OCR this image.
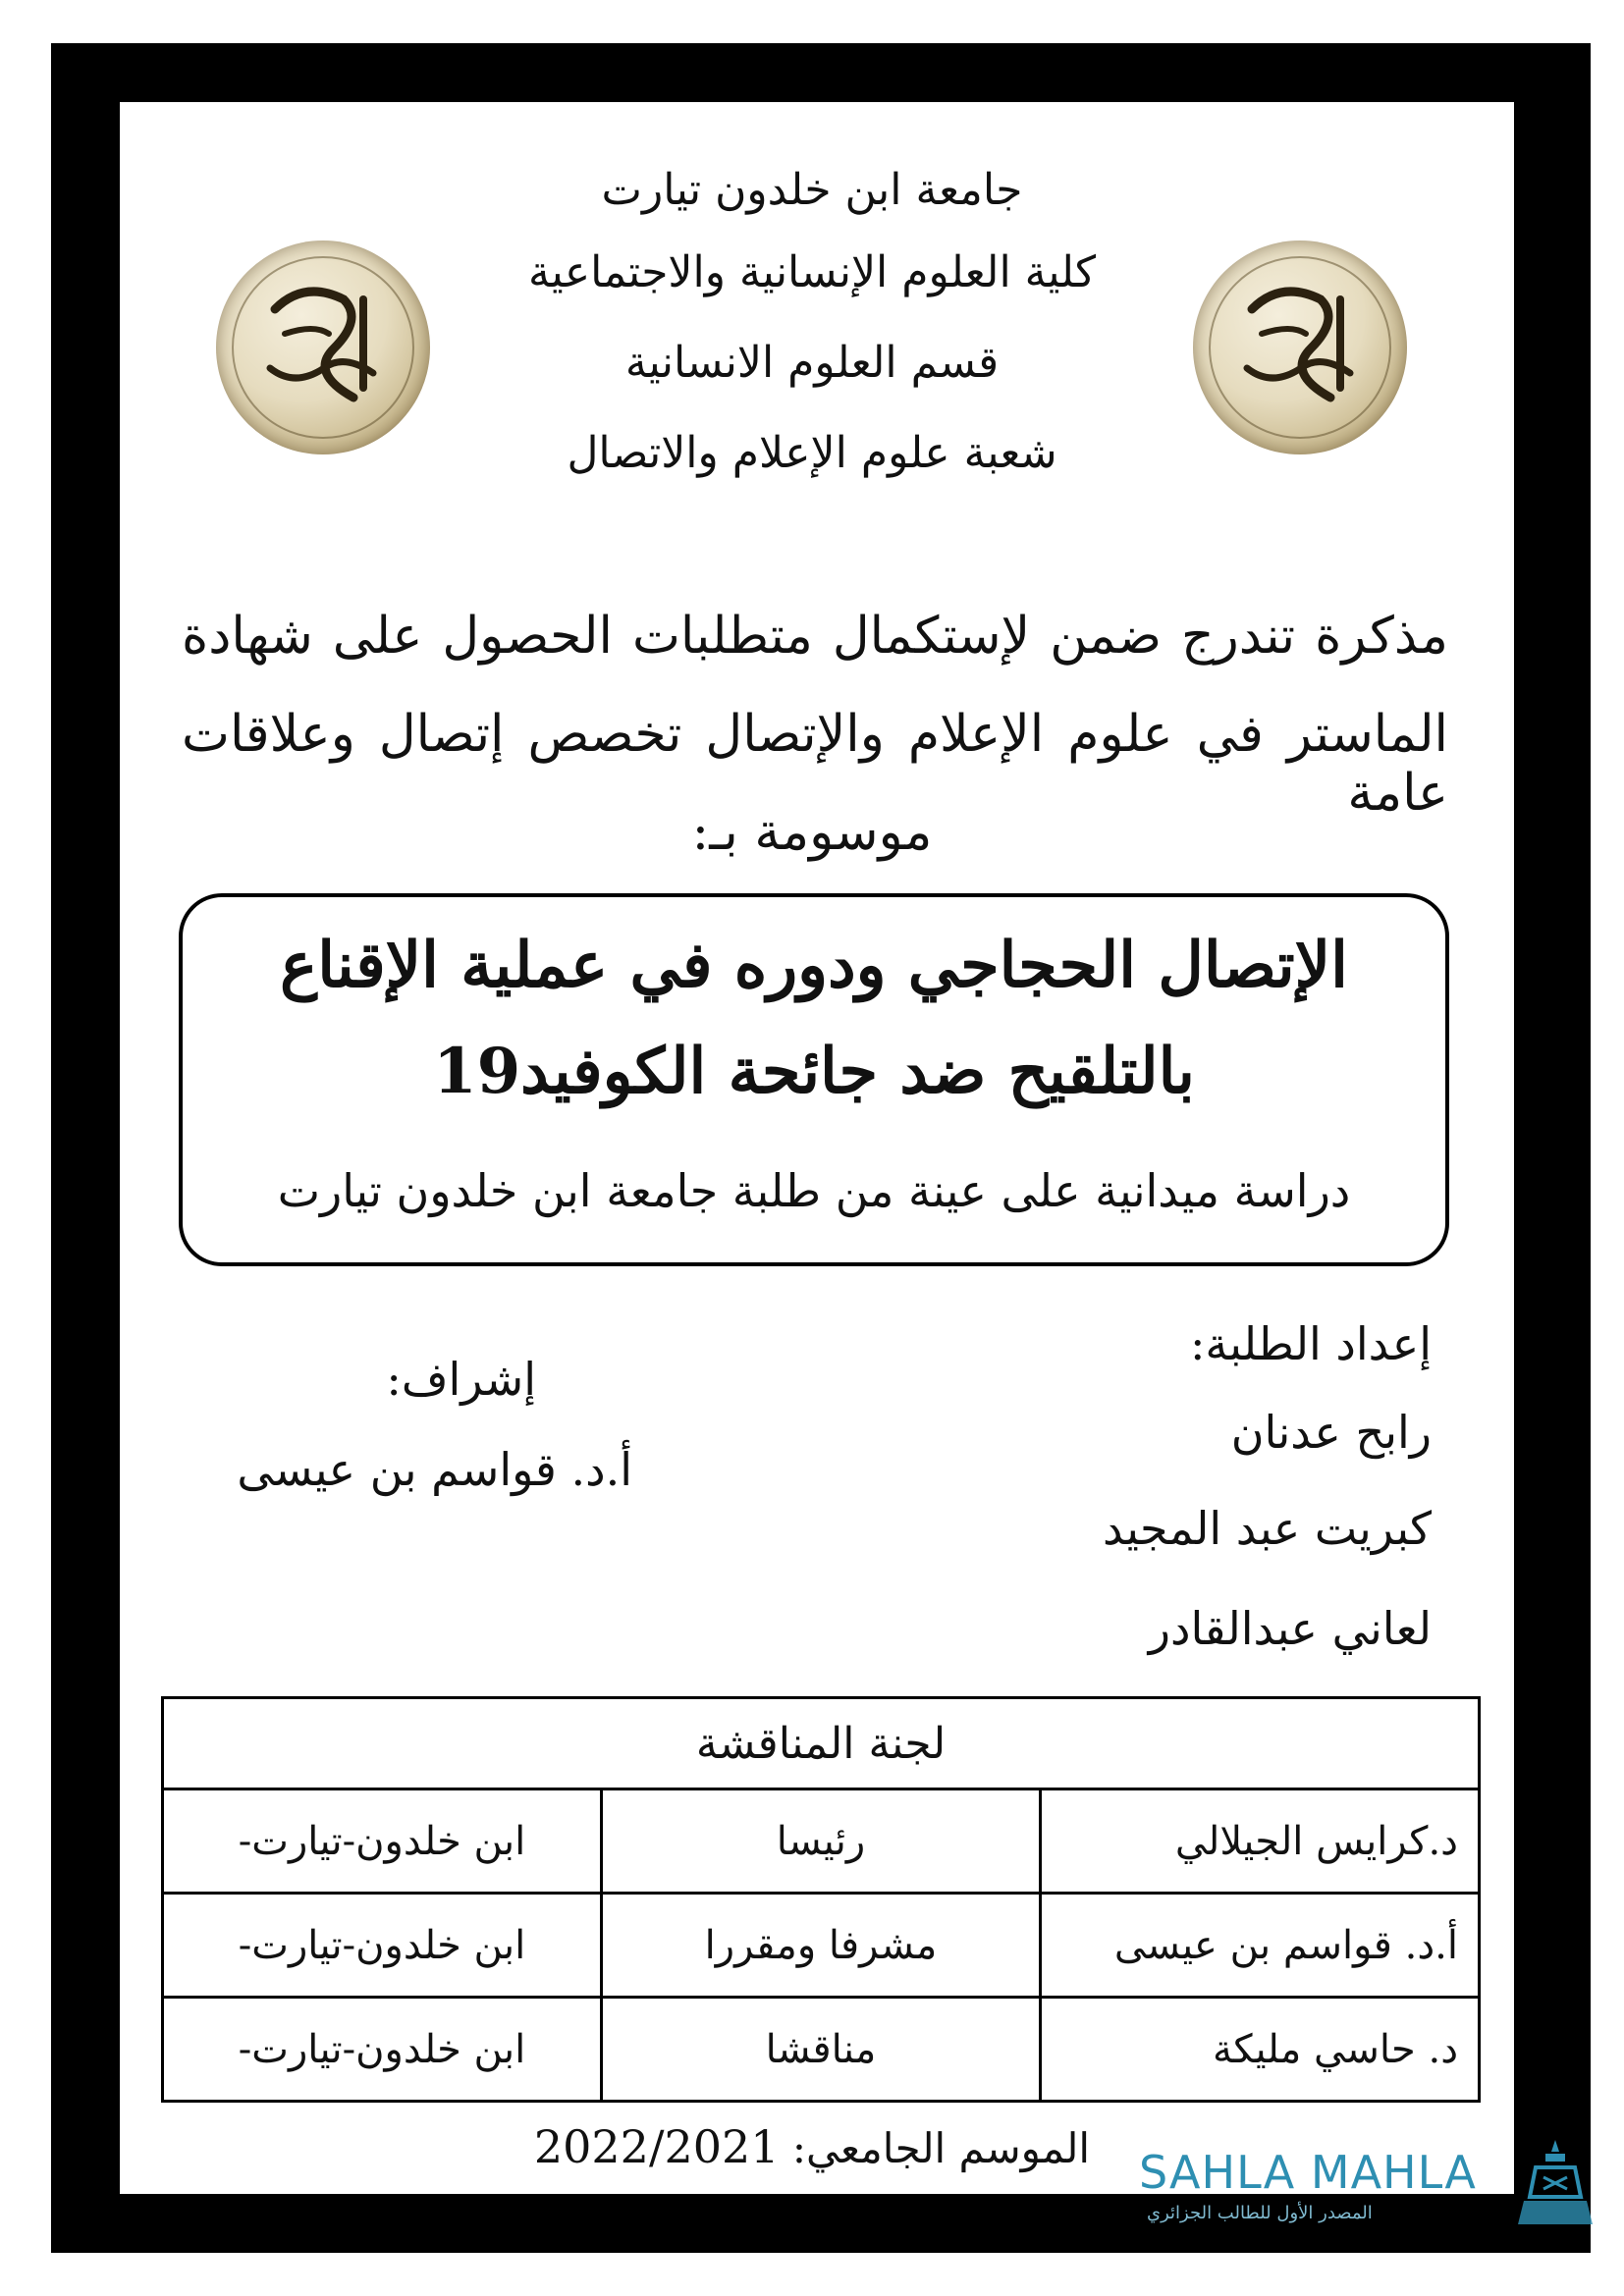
جامعة ابن خلدون تيارت
كلية العلوم الإنسانية والاجتماعية
قسم العلوم الانسانية
شعبة علوم الإعلام والاتصال
مذكرة تندرج ضمن لإستكمال متطلبات الحصول على شهادة
الماستر في علوم الإعلام والإتصال تخصص إتصال وعلاقات عامة
موسومة بـ:
الإتصال الحجاجي ودوره في عملية الإقناع
بالتلقيح ضد جائحة الكوفيد19
دراسة ميدانية على عينة من طلبة جامعة ابن خلدون تيارت
إعداد الطلبة:
رابح عدنان
كبريت عبد المجيد
لعاني عبدالقادر
إشراف:
أ.د. قواسم بن عيسى
لجنة المناقشة		
د.كرايس الجيلالي	رئيسا	ابن خلدون-تيارت-
أ.د. قواسم بن عيسى	مشرفا ومقررا	ابن خلدون-تيارت-
د. حاسي مليكة	مناقشا	ابن خلدون-تيارت-
الموسم الجامعي: 2022/2021	SAHLA MAHLA
المصدر الأول للطالب الجزائري
